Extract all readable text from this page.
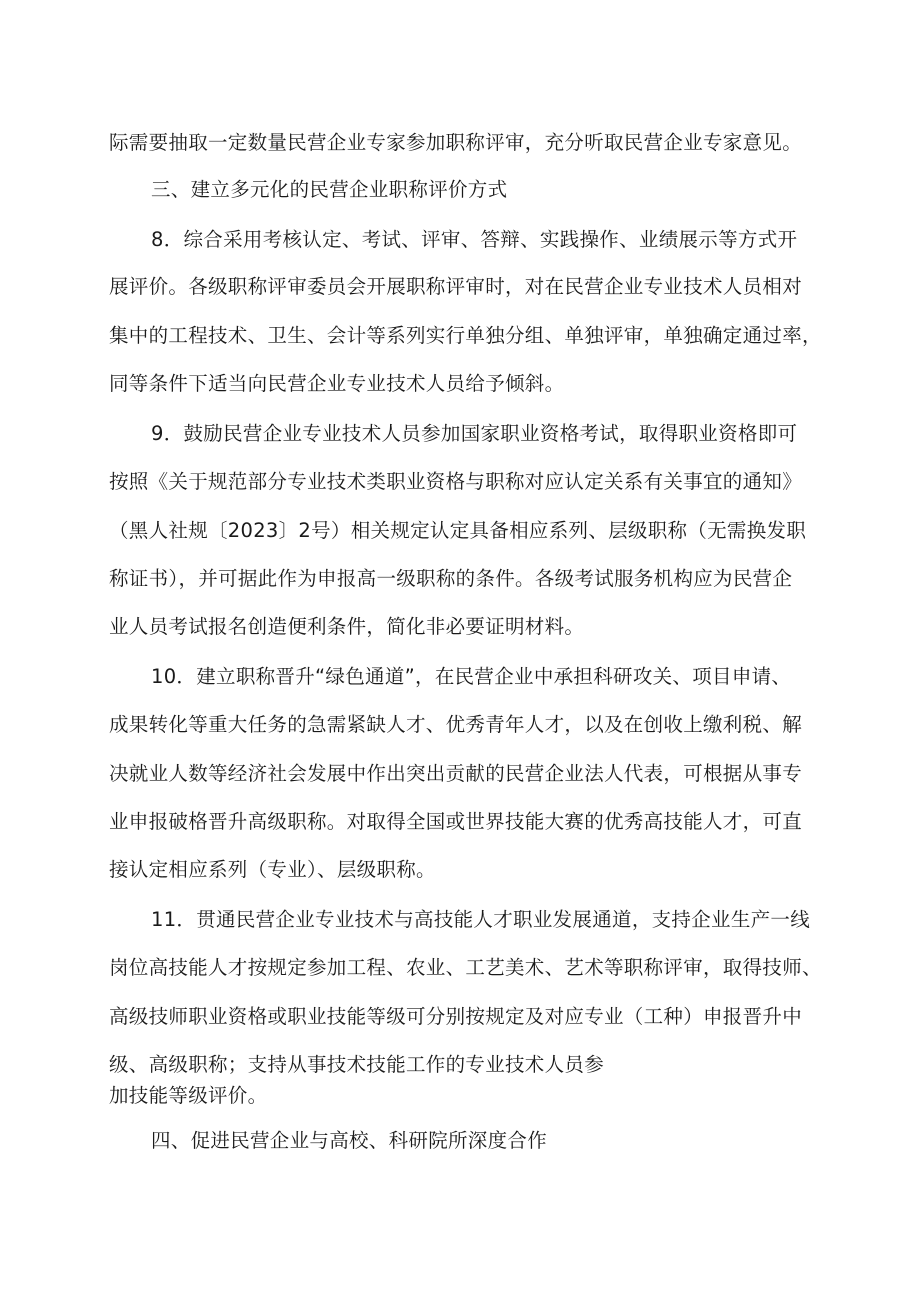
际需要抽取一定数量民营企业专家参加职称评审，充分听取民营企业专家意见。
三、建立多元化的民营企业职称评价方式
8．综合采用考核认定、考试、评审、答辩、实践操作、业绩展示等方式开
展评价。各级职称评审委员会开展职称评审时，对在民营企业专业技术人员相对
集中的工程技术、卫生、会计等系列实行单独分组、单独评审，单独确定通过率，
同等条件下适当向民营企业专业技术人员给予倾斜。
9．鼓励民营企业专业技术人员参加国家职业资格考试，取得职业资格即可
按照《关于规范部分专业技术类职业资格与职称对应认定关系有关事宜的通知》
（黑人社规〔2023〕2号）相关规定认定具备相应系列、层级职称（无需换发职
称证书），并可据此作为申报高一级职称的条件。各级考试服务机构应为民营企
业人员考试报名创造便利条件，简化非必要证明材料。
10．建立职称晋升“绿色通道”，在民营企业中承担科研攻关、项目申请、
成果转化等重大任务的急需紧缺人才、优秀青年人才，以及在创收上缴利税、解
决就业人数等经济社会发展中作出突出贡献的民营企业法人代表，可根据从事专
业申报破格晋升高级职称。对取得全国或世界技能大赛的优秀高技能人才，可直
接认定相应系列（专业）、层级职称。
11．贯通民营企业专业技术与高技能人才职业发展通道，支持企业生产一线
岗位高技能人才按规定参加工程、农业、工艺美术、艺术等职称评审，取得技师、
高级技师职业资格或职业技能等级可分别按规定及对应专业（工种）申报晋升中
级、高级职称；支持从事技术技能工作的专业技术人员参
加技能等级评价。
四、促进民营企业与高校、科研院所深度合作
